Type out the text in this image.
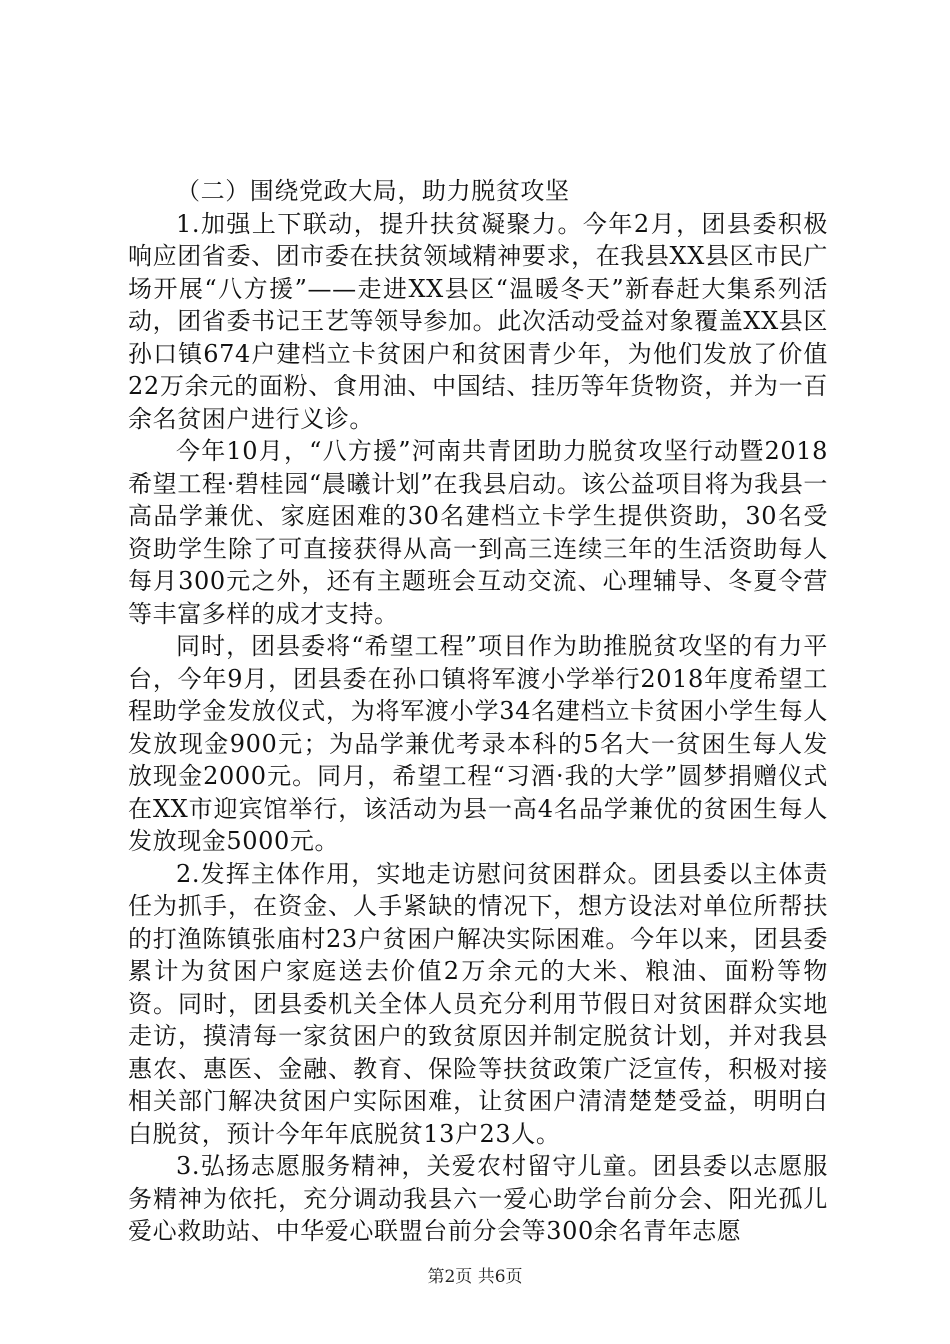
（二）围绕党政大局，助力脱贫攻坚

1.加强上下联动，提升扶贫凝聚力。今年2月，团县委积极响应团省委、团市委在扶贫领域精神要求，在我县XX县区市民广场开展“八方援”——走进XX县区“温暖冬天”新春赶大集系列活动，团省委书记王艺等领导参加。此次活动受益对象覆盖XX县区孙口镇674户建档立卡贫困户和贫困青少年，为他们发放了价值22万余元的面粉、食用油、中国结、挂历等年货物资，并为一百余名贫困户进行义诊。

今年10月，“八方援”河南共青团助力脱贫攻坚行动暨2018希望工程·碧桂园“晨曦计划”在我县启动。该公益项目将为我县一高品学兼优、家庭困难的30名建档立卡学生提供资助，30名受资助学生除了可直接获得从高一到高三连续三年的生活资助每人每月300元之外，还有主题班会互动交流、心理辅导、冬夏令营等丰富多样的成才支持。

同时，团县委将“希望工程”项目作为助推脱贫攻坚的有力平台，今年9月，团县委在孙口镇将军渡小学举行2018年度希望工程助学金发放仪式，为将军渡小学34名建档立卡贫困小学生每人发放现金900元；为品学兼优考录本科的5名大一贫困生每人发放现金2000元。同月，希望工程“习酒·我的大学”圆梦捐赠仪式在XX市迎宾馆举行，该活动为县一高4名品学兼优的贫困生每人发放现金5000元。

2.发挥主体作用，实地走访慰问贫困群众。团县委以主体责任为抓手，在资金、人手紧缺的情况下，想方设法对单位所帮扶的打渔陈镇张庙村23户贫困户解决实际困难。今年以来，团县委累计为贫困户家庭送去价值2万余元的大米、粮油、面粉等物资。同时，团县委机关全体人员充分利用节假日对贫困群众实地走访，摸清每一家贫困户的致贫原因并制定脱贫计划，并对我县惠农、惠医、金融、教育、保险等扶贫政策广泛宣传，积极对接相关部门解决贫困户实际困难，让贫困户清清楚楚受益，明明白白脱贫，预计今年年底脱贫13户23人。

3.弘扬志愿服务精神，关爱农村留守儿童。团县委以志愿服务精神为依托，充分调动我县六一爱心助学台前分会、阳光孤儿爱心救助站、中华爱心联盟台前分会等300余名青年志愿

第2页 共6页
